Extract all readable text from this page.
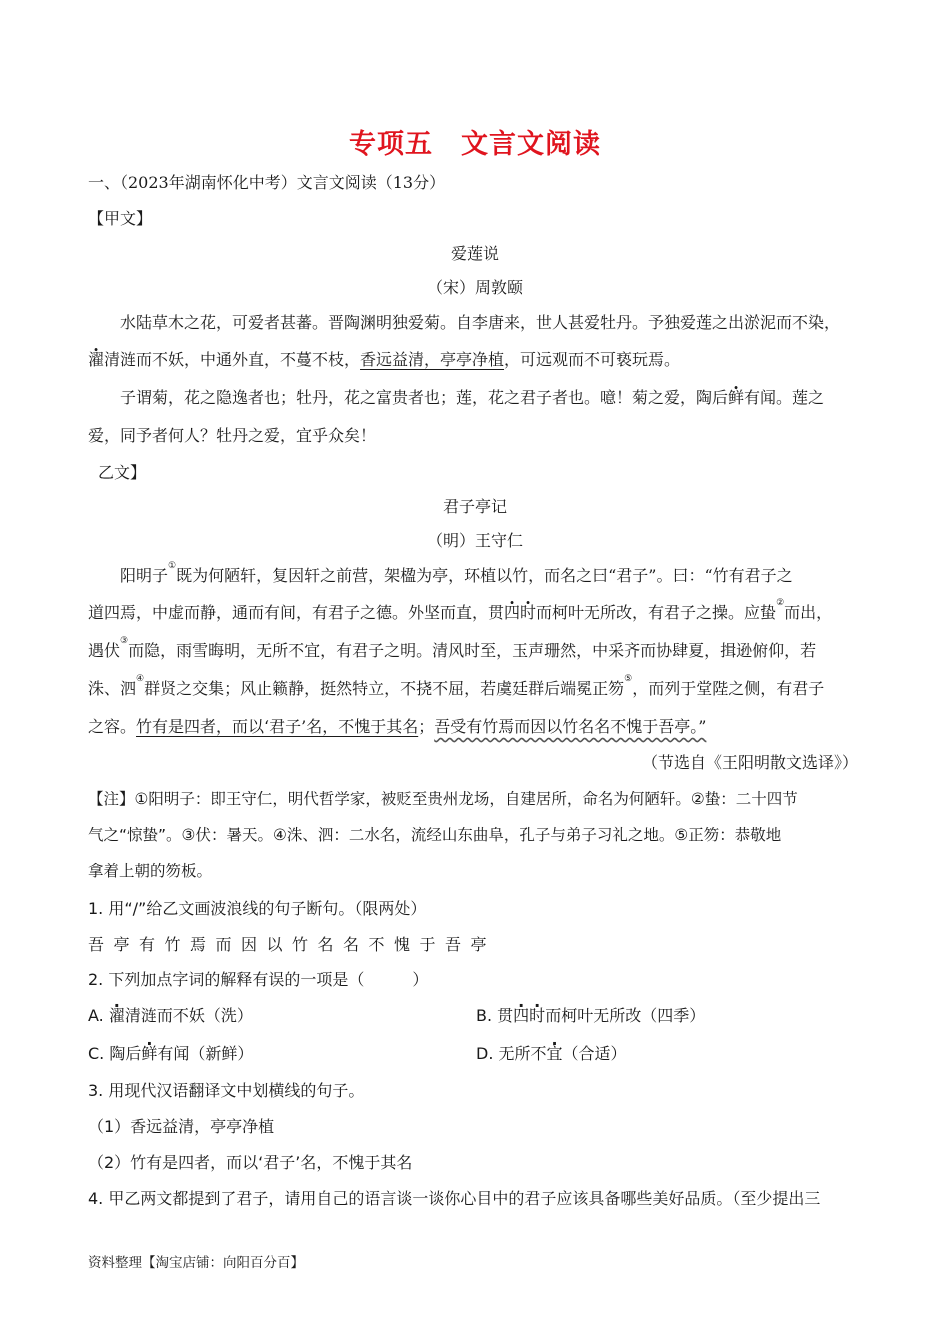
专项五　文言文阅读
一、（2023年湖南怀化中考）文言文阅读（13分）
【甲文】
爱莲说
（宋）周敦颐
水陆草木之花，可爱者甚蕃。晋陶渊明独爱菊。自李唐来，世人甚爱牡丹。予独爱莲之出淤泥而不染，
濯清涟而不妖，中通外直，不蔓不枝，香远益清，亭亭净植，可远观而不可亵玩焉。
子谓菊，花之隐逸者也；牡丹，花之富贵者也；莲，花之君子者也。噫！菊之爱，陶后鲜有闻。莲之
爱，同予者何人？牡丹之爱，宜乎众矣！
乙文】
君子亭记
（明）王守仁
阳明子①既为何陋轩，复因轩之前营，架楹为亭，环植以竹，而名之曰“君子”。曰：“竹有君子之
道四焉，中虚而静，通而有间，有君子之德。外坚而直，贯四时而柯叶无所改，有君子之操。应蛰②而出，
遇伏③而隐，雨雪晦明，无所不宜，有君子之明。清风时至，玉声珊然，中采齐而协肆夏，揖逊俯仰，若
洙、泗④群贤之交集；风止籁静，挺然特立，不挠不屈，若虞廷群后端冕正笏⑤，而列于堂陛之侧，有君子
之容。竹有是四者，而以‘君子’名，不愧于其名；吾受有竹焉而因以竹名名不愧于吾亭。”
（节选自《王阳明散文选译》）
【注】①阳明子：即王守仁，明代哲学家，被贬至贵州龙场，自建居所，命名为何陋轩。②蛰：二十四节
气之“惊蛰”。③伏：暑天。④洙、泗：二水名，流经山东曲阜，孔子与弟子习礼之地。⑤正笏：恭敬地
拿着上朝的笏板。
1. 用“/”给乙文画波浪线的句子断句。（限两处）
吾亭有竹焉而因以竹名名不愧于吾亭
2. 下列加点字词的解释有误的一项是（　　　）
A. 濯清涟而不妖（洗）	B. 贯四时而柯叶无所改（四季）
C. 陶后鲜有闻（新鲜）	D. 无所不宜（合适）
3. 用现代汉语翻译文中划横线的句子。
（1）香远益清，亭亭净植
（2）竹有是四者，而以‘君子’名，不愧于其名
4. 甲乙两文都提到了君子，请用自己的语言谈一谈你心目中的君子应该具备哪些美好品质。（至少提出三
资料整理【淘宝店铺：向阳百分百】
